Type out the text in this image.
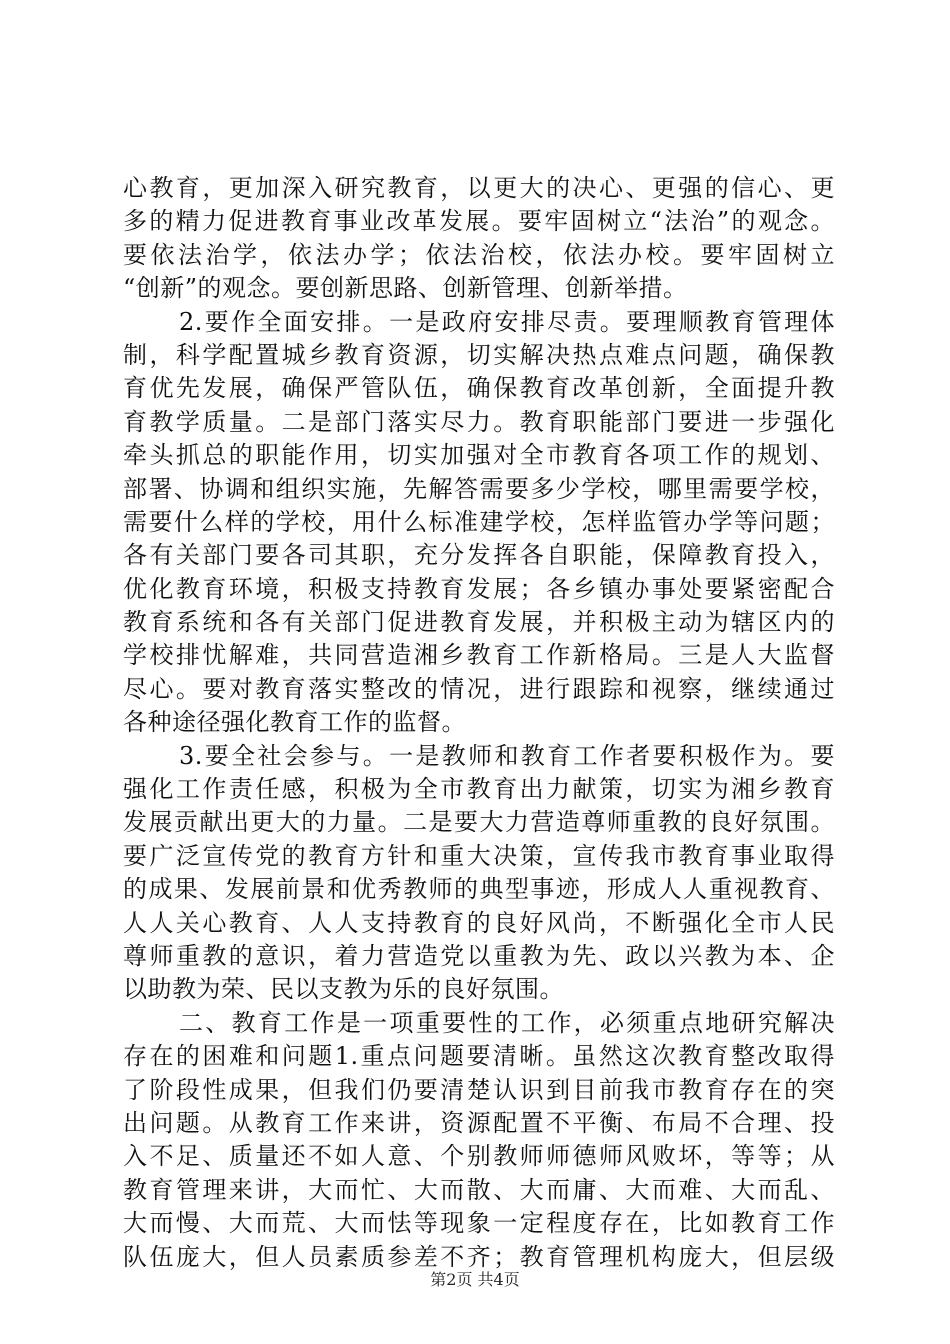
心教育，更加深入研究教育，以更大的决心、更强的信心、更
多的精力促进教育事业改革发展。要牢固树立“法治”的观念。
要依法治学，依法办学；依法治校，依法办校。要牢固树立
“创新”的观念。要创新思路、创新管理、创新举措。
2.要作全面安排。一是政府安排尽责。要理顺教育管理体
制，科学配置城乡教育资源，切实解决热点难点问题，确保教
育优先发展，确保严管队伍，确保教育改革创新，全面提升教
育教学质量。二是部门落实尽力。教育职能部门要进一步强化
牵头抓总的职能作用，切实加强对全市教育各项工作的规划、
部署、协调和组织实施，先解答需要多少学校，哪里需要学校，
需要什么样的学校，用什么标准建学校，怎样监管办学等问题；
各有关部门要各司其职，充分发挥各自职能，保障教育投入，
优化教育环境，积极支持教育发展；各乡镇办事处要紧密配合
教育系统和各有关部门促进教育发展，并积极主动为辖区内的
学校排忧解难，共同营造湘乡教育工作新格局。三是人大监督
尽心。要对教育落实整改的情况，进行跟踪和视察，继续通过
各种途径强化教育工作的监督。
3.要全社会参与。一是教师和教育工作者要积极作为。要
强化工作责任感，积极为全市教育出力献策，切实为湘乡教育
发展贡献出更大的力量。二是要大力营造尊师重教的良好氛围。
要广泛宣传党的教育方针和重大决策，宣传我市教育事业取得
的成果、发展前景和优秀教师的典型事迹，形成人人重视教育、
人人关心教育、人人支持教育的良好风尚，不断强化全市人民
尊师重教的意识，着力营造党以重教为先、政以兴教为本、企
以助教为荣、民以支教为乐的良好氛围。
二、教育工作是一项重要性的工作，必须重点地研究解决
存在的困难和问题1.重点问题要清晰。虽然这次教育整改取得
了阶段性成果，但我们仍要清楚认识到目前我市教育存在的突
出问题。从教育工作来讲，资源配置不平衡、布局不合理、投
入不足、质量还不如人意、个别教师师德师风败坏，等等；从
教育管理来讲，大而忙、大而散、大而庸、大而难、大而乱、
大而慢、大而荒、大而怯等现象一定程度存在，比如教育工作
队伍庞大，但人员素质参差不齐；教育管理机构庞大，但层级
第2页 共4页
